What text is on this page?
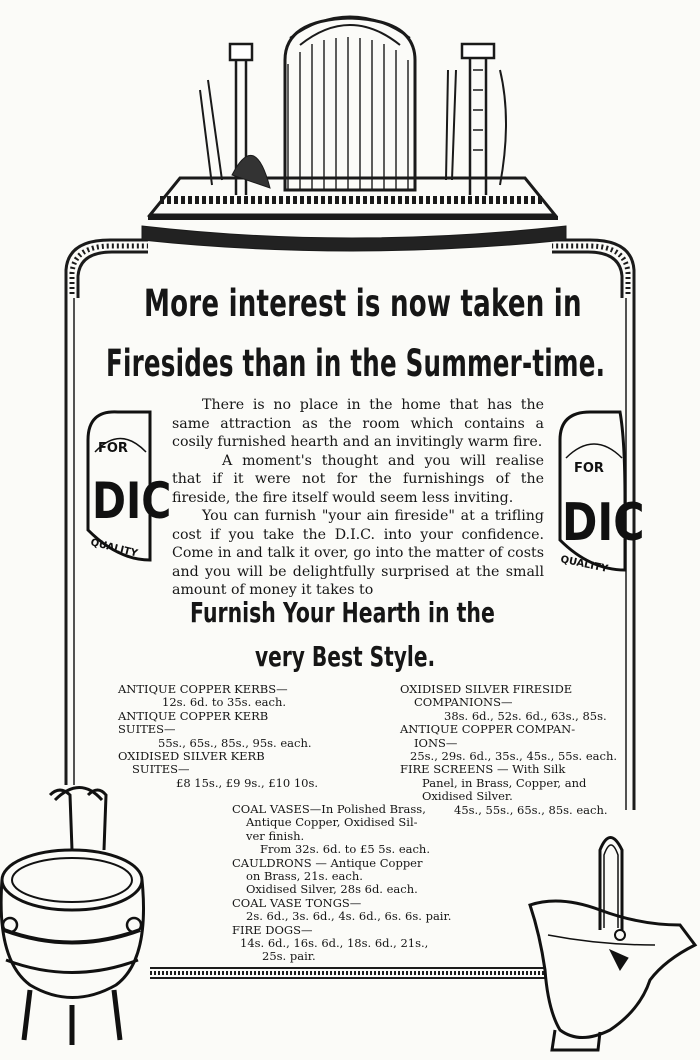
FOR
DIC
QUALITY
FOR
DIC
QUALITY
More interest is now taken in
Firesides than in the Summer-time.

There is no place in the home that has the same attraction as the room which contains a cosily furnished hearth and an invitingly warm fire.

A moment's thought and you will realise that if it were not for the furnishings of the fireside, the fire itself would seem less inviting.

You can furnish "your ain fireside" at a trifling cost if you take the D.I.C. into your confidence. Come in and talk it over, go into the matter of costs and you will be delightfully surprised at the small amount of money it takes to

Furnish Your Hearth in the
very Best Style.
ANTIQUE COPPER KERBS—
12s. 6d. to 35s. each.
ANTIQUE COPPER KERB
SUITES—
55s., 65s., 85s., 95s. each.
OXIDISED SILVER KERB
SUITES—
£8 15s., £9 9s., £10 10s.
OXIDISED SILVER FIRESIDE
COMPANIONS—
38s. 6d., 52s. 6d., 63s., 85s.
ANTIQUE COPPER COMPAN-
IONS—
25s., 29s. 6d., 35s., 45s., 55s. each.
FIRE SCREENS — With Silk
Panel, in Brass, Copper, and
Oxidised Silver.
45s., 55s., 65s., 85s. each.
COAL VASES—In Polished Brass,
Antique Copper, Oxidised Sil-
ver finish.
From 32s. 6d. to £5 5s. each.
CAULDRONS — Antique Copper
on Brass, 21s. each.
Oxidised Silver, 28s 6d. each.
COAL VASE TONGS—
2s. 6d., 3s. 6d., 4s. 6d., 6s. 6s. pair.
FIRE DOGS—
14s. 6d., 16s. 6d., 18s. 6d., 21s.,
25s. pair.
